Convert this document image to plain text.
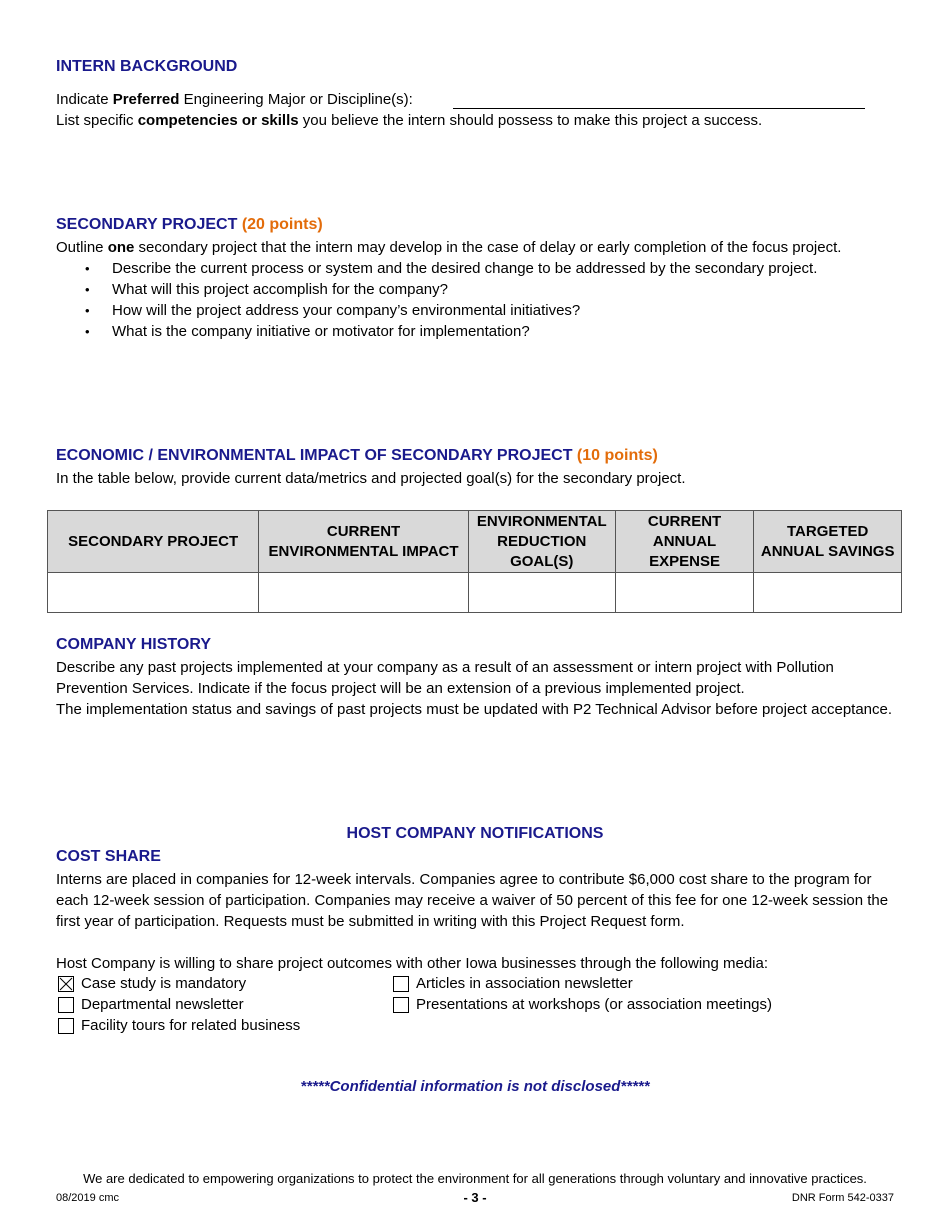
INTERN BACKGROUND
Indicate Preferred Engineering Major or Discipline(s):
List specific competencies or skills you believe the intern should possess to make this project a success.
SECONDARY PROJECT (20 points)
Outline one secondary project that the intern may develop in the case of delay or early completion of the focus project.
• Describe the current process or system and the desired change to be addressed by the secondary project.
• What will this project accomplish for the company?
• How will the project address your company’s environmental initiatives?
• What is the company initiative or motivator for implementation?
ECONOMIC / ENVIRONMENTAL IMPACT OF SECONDARY PROJECT (10 points)
In the table below, provide current data/metrics and projected goal(s) for the secondary project.
SECONDARY PROJECT	CURRENT ENVIRONMENTAL IMPACT	ENVIRONMENTAL REDUCTION GOAL(S)	CURRENT ANNUAL EXPENSE	TARGETED ANNUAL SAVINGS

COMPANY HISTORY
Describe any past projects implemented at your company as a result of an assessment or intern project with Pollution Prevention Services. Indicate if the focus project will be an extension of a previous implemented project.
The implementation status and savings of past projects must be updated with P2 Technical Advisor before project acceptance.
HOST COMPANY NOTIFICATIONS
COST SHARE
Interns are placed in companies for 12-week intervals. Companies agree to contribute $6,000 cost share to the program for each 12-week session of participation. Companies may receive a waiver of 50 percent of this fee for one 12-week session the first year of participation. Requests must be submitted in writing with this Project Request form.
Host Company is willing to share project outcomes with other Iowa businesses through the following media:
Case study is mandatory
Departmental newsletter
Facility tours for related business
Articles in association newsletter
Presentations at workshops (or association meetings)
*****Confidential information is not disclosed*****
We are dedicated to empowering organizations to protect the environment for all generations through voluntary and innovative practices.
08/2019 cmc	- 3 -	DNR Form 542-0337
